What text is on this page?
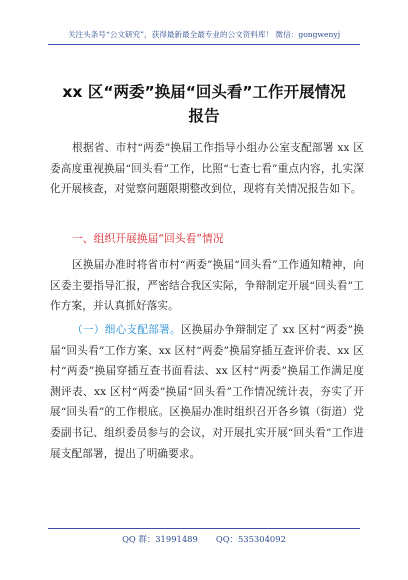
关注头条号“公文研究”，获得最新最全最专业的公文资料库！ 微信：gongwenyj
xx 区“两委”换届“回头看”工作开展情况
报告
根据省、市村“两委”换届工作指导小组办公室支配部署 xx 区委高度重视换届“回头看”工作，比照“七查七看”重点内容，扎实深化开展核查，对觉察问题限期整改到位，现将有关情况报告如下。
一、组织开展换届“回头看”情况
区换届办准时将省市村“两委”换届“回头看”工作通知精神，向区委主要指导汇报，严密结合我区实际，争辩制定开展“回头看”工作方案，并认真抓好落实。
（一）细心支配部署。区换届办争辩制定了 xx 区村“两委”换届“回头看”工作方案、xx 区村“两委”换届穿插互查评价表、xx 区村“两委”换届穿插互查书面看法、xx 区村“两委”换届工作满足度测评表、xx 区村“两委”换届“回头看”工作情况统计表，夯实了开展“回头看”的工作根底。区换届办准时组织召开各乡镇（街道）党委副书记、组织委员参与的会议，对开展扎实开展“回头看”工作进展支配部署，提出了明确要求。
QQ 群：31991489 QQ：535304092
